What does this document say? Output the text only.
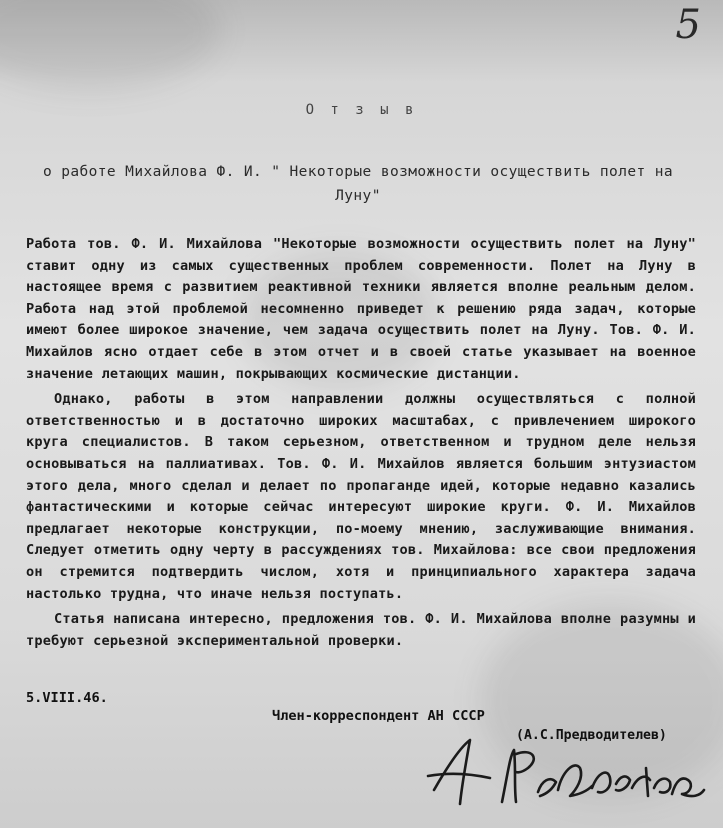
5
О т з ы в
о работе Михайлова Ф. И. " Некоторые возможности осуществить полет на Луну"

Работа тов. Ф. И. Михайлова "Некоторые возможности осуществить полет на Луну" ставит одну из самых существенных проблем современности. Полет на Луну в настоящее время с развитием реактивной техники является вполне реальным делом. Работа над этой проблемой несомненно приведет к решению ряда задач, которые имеют более широкое значение, чем задача осуществить полет на Луну. Тов. Ф. И. Михайлов ясно отдает себе в этом отчет и в своей статье указывает на военное значение летающих машин, покрывающих космические дистанции.

Однако, работы в этом направлении должны осуществляться с полной ответственностью и в достаточно широких масштабах, с привлечением широкого круга специалистов. В таком серьезном, ответственном и трудном деле нельзя основываться на паллиативах. Тов. Ф. И. Михайлов является большим энтузиастом этого дела, много сделал и делает по пропаганде идей, которые недавно казались фантастическими и которые сейчас интересуют широкие круги. Ф. И. Михайлов предлагает некоторые конструкции, по-моему мнению, заслуживающие внимания. Следует отметить одну черту в рассуждениях тов. Михайлова: все свои предложения он стремится подтвердить числом, хотя и принципиального характера задача настолько трудна, что иначе нельзя поступать.

Статья написана интересно, предложения тов. Ф. И. Михайлова вполне разумны и требуют серьезной экспериментальной проверки.

5.VIII.46.
Член-корреспондент АН СССР
(А.С.Предводителев)
